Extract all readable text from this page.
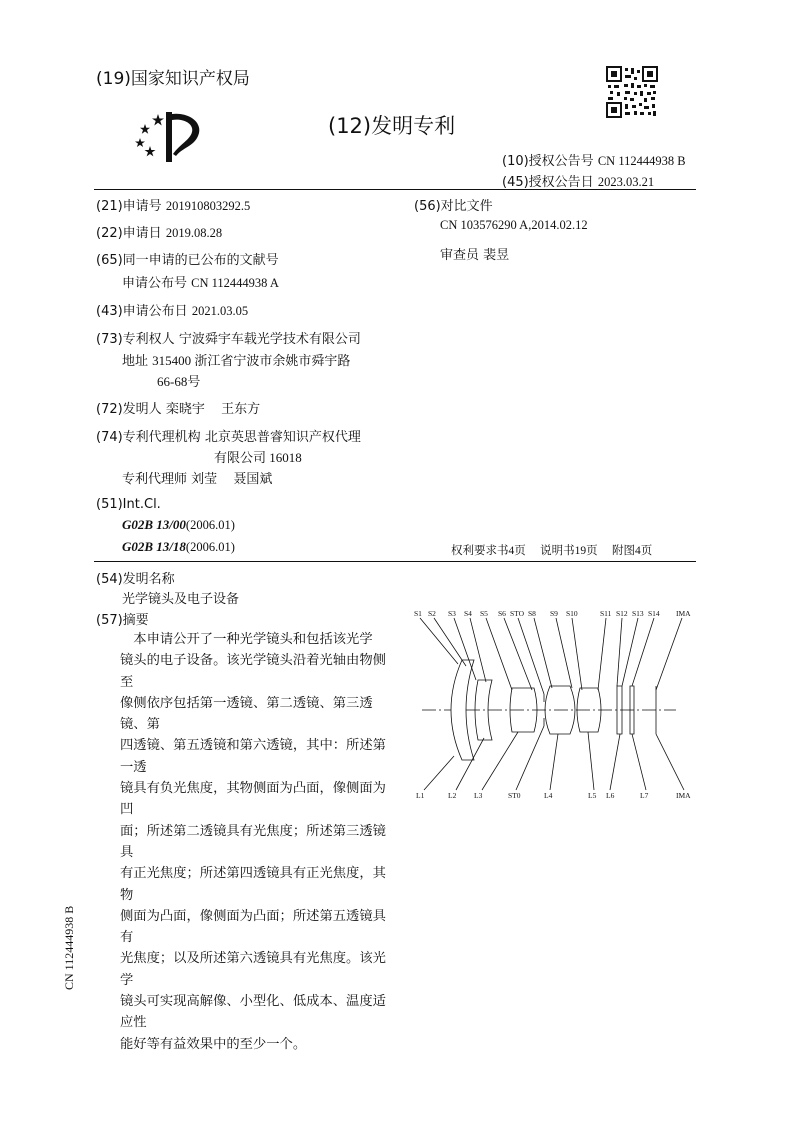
(19)国家知识产权局
(12)发明专利
(10)授权公告号 CN 112444938 B
(45)授权公告日 2023.03.21
(21)申请号 201910803292.5
(22)申请日 2019.08.28
(65)同一申请的已公布的文献号
申请公布号 CN 112444938 A
(43)申请公布日 2021.03.05
(73)专利权人 宁波舜宇车载光学技术有限公司
地址 315400 浙江省宁波市余姚市舜宇路
66-68号
(72)发明人 栾晓宇　 王东方
(74)专利代理机构 北京英思普睿知识产权代理
有限公司 16018
专利代理师 刘莹　 聂国斌
(51)Int.Cl.
G02B 13/00(2006.01)
G02B 13/18(2006.01)
(56)对比文件
CN 103576290 A,2014.02.12
审查员 裴昱
权利要求书4页　 说明书19页　 附图4页
(54)发明名称
光学镜头及电子设备
(57)摘要

本申请公开了一种光学镜头和包括该光学

镜头的电子设备。该光学镜头沿着光轴由物侧至

像侧依序包括第一透镜、第二透镜、第三透镜、第

四透镜、第五透镜和第六透镜，其中：所述第一透

镜具有负光焦度，其物侧面为凸面，像侧面为凹

面；所述第二透镜具有光焦度；所述第三透镜具

有正光焦度；所述第四透镜具有正光焦度，其物

侧面为凸面，像侧面为凸面；所述第五透镜具有

光焦度；以及所述第六透镜具有光焦度。该光学

镜头可实现高解像、小型化、低成本、温度适应性

能好等有益效果中的至少一个。

S1 S2 S3 S4 S5 S6 STO S8 S9 S10	S11 S12 S13 S14 IMA
L1	L2 L3	ST0	L4	L5 L6	L7	IMA
CN 112444938 B
